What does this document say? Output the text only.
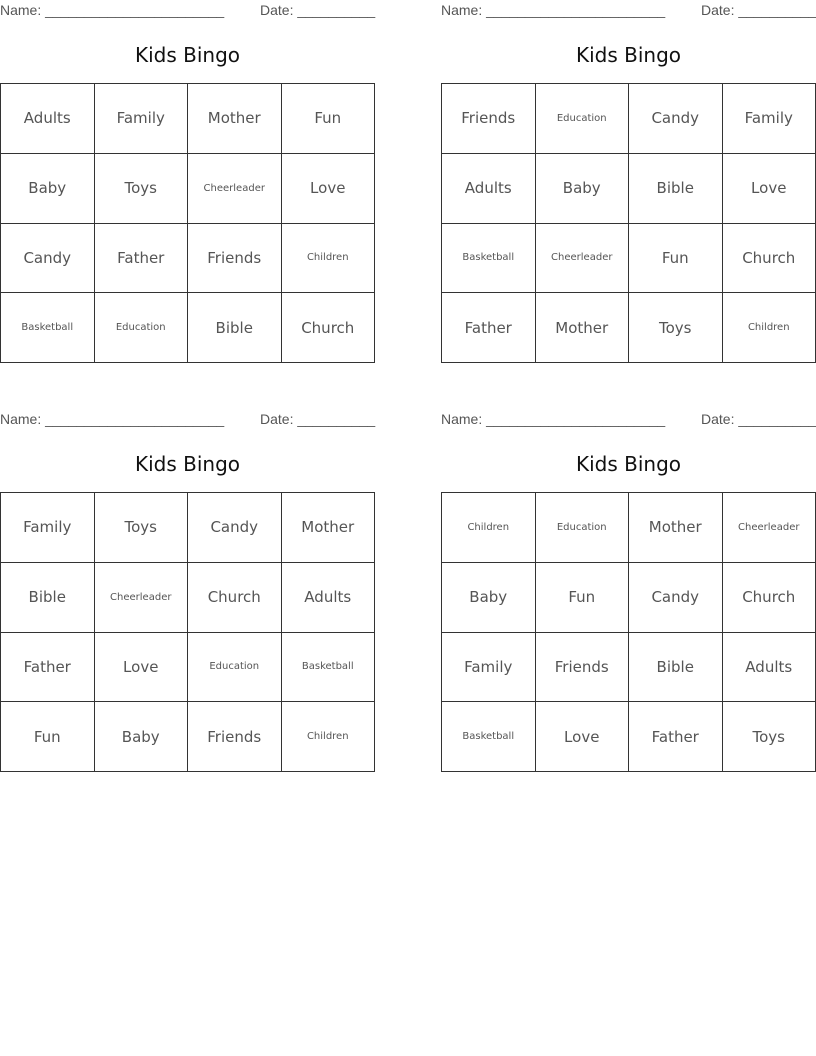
Name: _______________________	Date: __________
Kids Bingo
Adults	Family	Mother	Fun
Baby	Toys	Cheerleader	Love
Candy	Father	Friends	Children
Basketball	Education	Bible	Church
Name: _______________________	Date: __________
Kids Bingo
Friends	Education	Candy	Family
Adults	Baby	Bible	Love
Basketball	Cheerleader	Fun	Church
Father	Mother	Toys	Children
Name: _______________________	Date: __________
Kids Bingo
Family	Toys	Candy	Mother
Bible	Cheerleader	Church	Adults
Father	Love	Education	Basketball
Fun	Baby	Friends	Children
Name: _______________________	Date: __________
Kids Bingo
Children	Education	Mother	Cheerleader
Baby	Fun	Candy	Church
Family	Friends	Bible	Adults
Basketball	Love	Father	Toys
